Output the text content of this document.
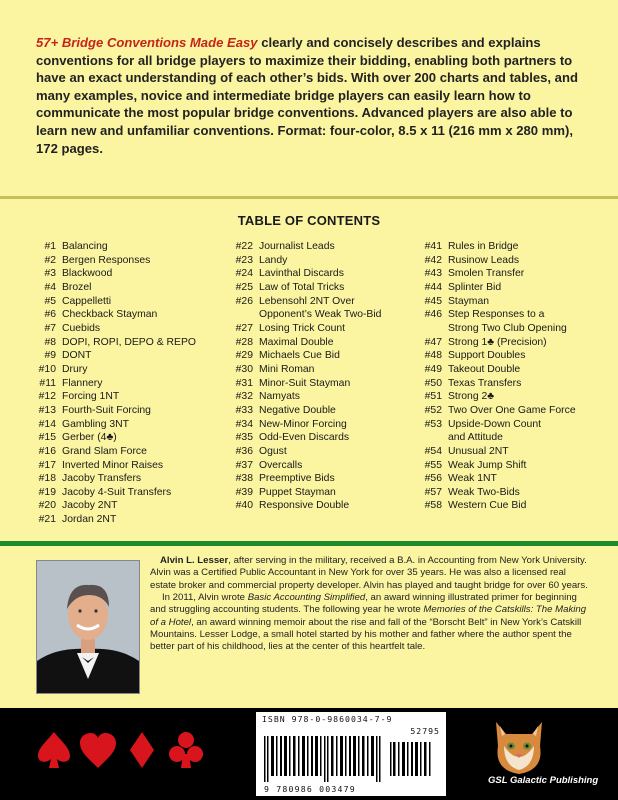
57+ Bridge Conventions Made Easy clearly and concisely describes and explains conventions for all bridge players to maximize their bidding, enabling both partners to have an exact understanding of each other’s bids. With over 200 charts and tables, and many examples, novice and intermediate bridge players can easily learn how to communicate the most popular bridge conventions. Advanced players are also able to learn new and unfamiliar conventions. Format: four-color, 8.5 x 11 (216 mm x 280 mm), 172 pages.
TABLE OF CONTENTS
#1 Balancing
#2 Bergen Responses
#3 Blackwood
#4 Brozel
#5 Cappelletti
#6 Checkback Stayman
#7 Cuebids
#8 DOPI, ROPI, DEPO & REPO
#9 DONT
#10 Drury
#11 Flannery
#12 Forcing 1NT
#13 Fourth-Suit Forcing
#14 Gambling 3NT
#15 Gerber (4♣)
#16 Grand Slam Force
#17 Inverted Minor Raises
#18 Jacoby Transfers
#19 Jacoby 4-Suit Transfers
#20 Jacoby 2NT
#21 Jordan 2NT
#22 Journalist Leads
#23 Landy
#24 Lavinthal Discards
#25 Law of Total Tricks
#26 Lebensohl 2NT Over
Opponent’s Weak Two-Bid
#27 Losing Trick Count
#28 Maximal Double
#29 Michaels Cue Bid
#30 Mini Roman
#31 Minor-Suit Stayman
#32 Namyats
#33 Negative Double
#34 New-Minor Forcing
#35 Odd-Even Discards
#36 Ogust
#37 Overcalls
#38 Preemptive Bids
#39 Puppet Stayman
#40 Responsive Double
#41 Rules in Bridge
#42 Rusinow Leads
#43 Smolen Transfer
#44 Splinter Bid
#45 Stayman
#46 Step Responses to a
Strong Two Club Opening
#47 Strong 1♣ (Precision)
#48 Support Doubles
#49 Takeout Double
#50 Texas Transfers
#51 Strong 2♣
#52 Two Over One Game Force
#53 Upside-Down Count
and Attitude
#54 Unusual 2NT
#55 Weak Jump Shift
#56 Weak 1NT
#57 Weak Two-Bids
#58 Western Cue Bid

Alvin L. Lesser, after serving in the military, received a B.A. in Accounting from New York University. Alvin was a Certified Public Accountant in New York for over 35 years. He was also a licensed real estate broker and commercial property developer. Alvin has played and taught bridge for over 60 years.

In 2011, Alvin wrote Basic Accounting Simplified, an award winning illustrated primer for beginning and struggling accounting students. The following year he wrote Memories of the Catskills: The Making of a Hotel, an award winning memoir about the rise and fall of the “Borscht Belt” in New York’s Catskill Mountains. Lesser Lodge, a small hotel started by his mother and father where the author spent the better part of his childhood, lies at the center of this heartfelt tale.

ISBN 978-0-9860034-7-9
52795
9 780986 003479
GSL Galactic Publishing
